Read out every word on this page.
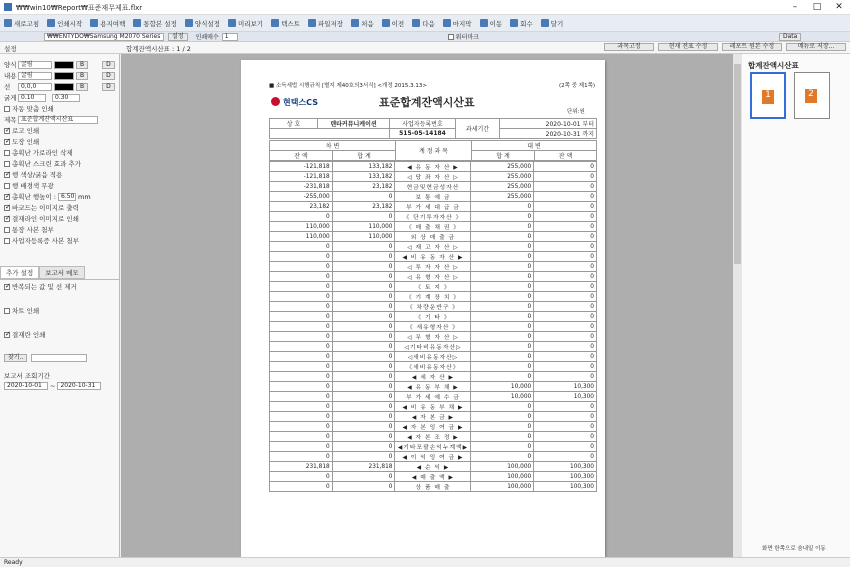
₩₩win10₩Report₩표준재무제표.flxr	–	□	✕
새로고침	인쇄시작	용지여백	통합본 설정	양식설정	미리보기	텍스트	파일저장	처음	이전	다음	마지막	이동	회수	달기
₩₩ENTYDO₩Samsung M2070 Series	설정	인쇄매수	1	워터마크	Data
설정	합계잔액시산표 : 1 / 2	과목고정	현재 전표 수정	레포트 원본 수정	메뉴로 저장...
양식 굴림	B	D
내용 굴림	B	D
선	0,0,0	B	D
굵게 0.10	0.30
자동 맞춤 인쇄
제목 표준합계잔액시산표
✓
로고 인쇄
✓
도장 인쇄
총획난 가로라인 삭제
총획난 스크린 효과 추가
✓
행 색상/굵음 적용
행 배경색 무광
✓
총획난 행높이 : 6.50 mm
✓
바코드는 이미지로 출력
✓
결재라인 이미지로 인쇄
통장 사본 첨부
사업자등록증 사본 첨부
추가 설정	보고서 메모
✓
반복되는 값 및 선 제거
차트 인쇄
✓
결재란 인쇄
찾기..
보고서 조회기간
2020-10-01	~ 2020-10-31
■ 소득세법 시행규칙 [별지 제40호의3서식] <개정 2015.3.13>	(2쪽 중 제1쪽)
현택스CS	표준합계잔액시산표
단위:원
상 호	덴타커뮤니케이션	사업자등록번호	과세기간	2020-10-01 부터
		515-05-14184		2020-10-31 까지
차 변		계 정 과 목	대 변	
잔 액	합 계		합 계	잔 액
-121,818	133,182	◀ 유 동 자 산 ▶	255,000	0
-121,818	133,182	◁ 당 좌 자 산 ▷	255,000	0
-231,818	23,182	현금및현금성자산	255,000	0
-255,000	0	보 통 예 금	255,000	0
23,182	23,182	부 가 세 대 급 금	0	0
0	0	《 단기투자자산 》	0	0
110,000	110,000	《 매 출 채 권 》	0	0
110,000	110,000	외 상 매 출 금	0	0
0	0	◁ 재 고 자 산 ▷	0	0
0	0	◀ 비 유 동 자 산 ▶	0	0
0	0	◁ 투 자 자 산 ▷	0	0
0	0	◁ 유 형 자 산 ▷	0	0
0	0	《 토 지 》	0	0
0	0	《 기 계 장 치 》	0	0
0	0	《 차량운반구 》	0	0
0	0	《 기 타 》	0	0
0	0	《 새유형자산 》	0	0
0	0	◁ 무 형 자 산 ▷	0	0
0	0	◁기타비유동자산▷	0	0
0	0	◁새비유동자산▷	0	0
0	0	《새비유동자산》	0	0
0	0	◀ 세 자 산 ▶	0	0
0	0	◀ 유 동 부 채 ▶	10,000	10,300
0	0	부 가 세 예 수 금	10,000	10,300
0	0	◀ 비 유 동 부 채 ▶	0	0
0	0	◀ 자 본 금 ▶	0	0
0	0	◀ 자 본 잉 여 금 ▶	0	0
0	0	◀ 자 본 조 정 ▶	0	0
0	0	◀기타포괄손익누계액▶	0	0
0	0	◀ 이 익 잉 여 금 ▶	0	0
231,818	231,818	◀ 순 익 ▶	100,000	100,300
0	0	◀ 매 출 액 ▶	100,000	100,300
0	0	상 품 매 출	100,000	100,300
합계잔액시산표
1	2
화면 한쪽으로 숨내일 이동
Ready
